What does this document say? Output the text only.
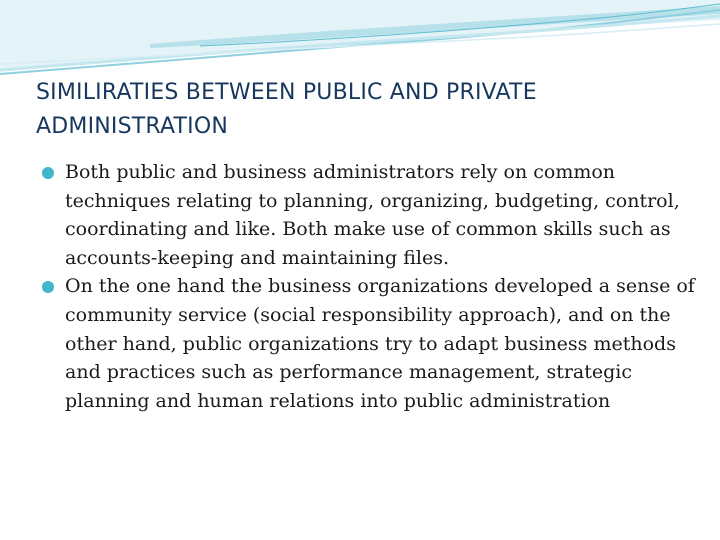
SIMILIRATIES BETWEEN PUBLIC AND PRIVATE ADMINISTRATION
Both public and business administrators rely on common techniques relating to planning, organizing, budgeting, control, coordinating and like. Both make use of common skills such as accounts-keeping and maintaining files.
On the one hand the business organizations developed a sense of community service (social responsibility approach), and on the other hand, public organizations try to adapt business methods and practices such as performance management, strategic planning and human relations into public administration
